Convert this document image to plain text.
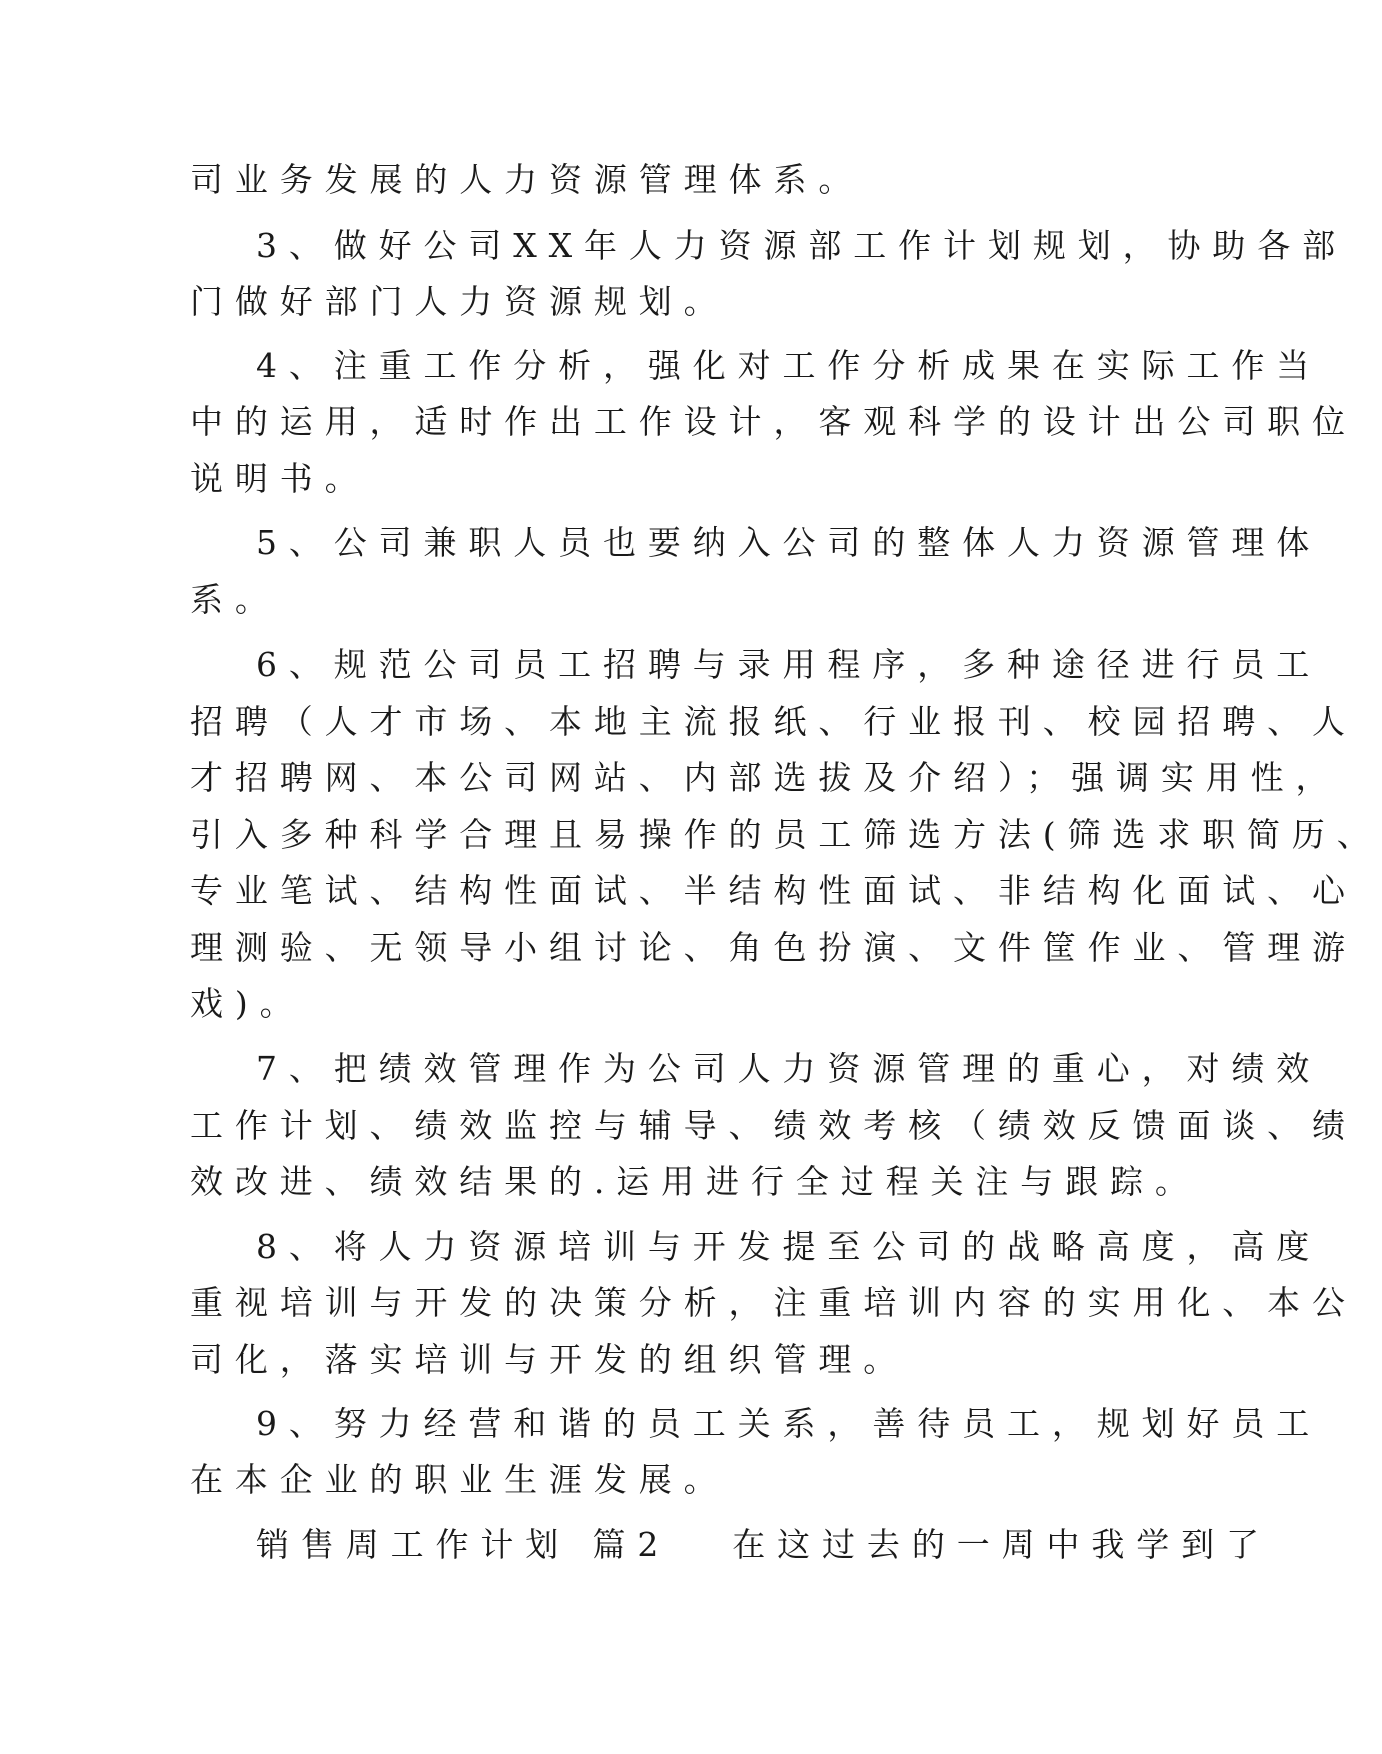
司业务发展的人力资源管理体系。
3、做好公司XX年人力资源部工作计划规划，协助各部
门做好部门人力资源规划。
4、注重工作分析，强化对工作分析成果在实际工作当
中的运用，适时作出工作设计，客观科学的设计出公司职位
说明书。
5、公司兼职人员也要纳入公司的整体人力资源管理体
系。
6、规范公司员工招聘与录用程序，多种途径进行员工
招聘（人才市场、本地主流报纸、行业报刊、校园招聘、人
才招聘网、本公司网站、内部选拔及介绍）；强调实用性，
引入多种科学合理且易操作的员工筛选方法(筛选求职简历、
专业笔试、结构性面试、半结构性面试、非结构化面试、心
理测验、无领导小组讨论、角色扮演、文件筐作业、管理游
戏)。
7、把绩效管理作为公司人力资源管理的重心，对绩效
工作计划、绩效监控与辅导、绩效考核（绩效反馈面谈、绩
效改进、绩效结果的.运用进行全过程关注与跟踪。
8、将人力资源培训与开发提至公司的战略高度，高度
重视培训与开发的决策分析，注重培训内容的实用化、本公
司化，落实培训与开发的组织管理。
9、努力经营和谐的员工关系，善待员工，规划好员工
在本企业的职业生涯发展。
销售周工作计划 篇2 在这过去的一周中我学到了
